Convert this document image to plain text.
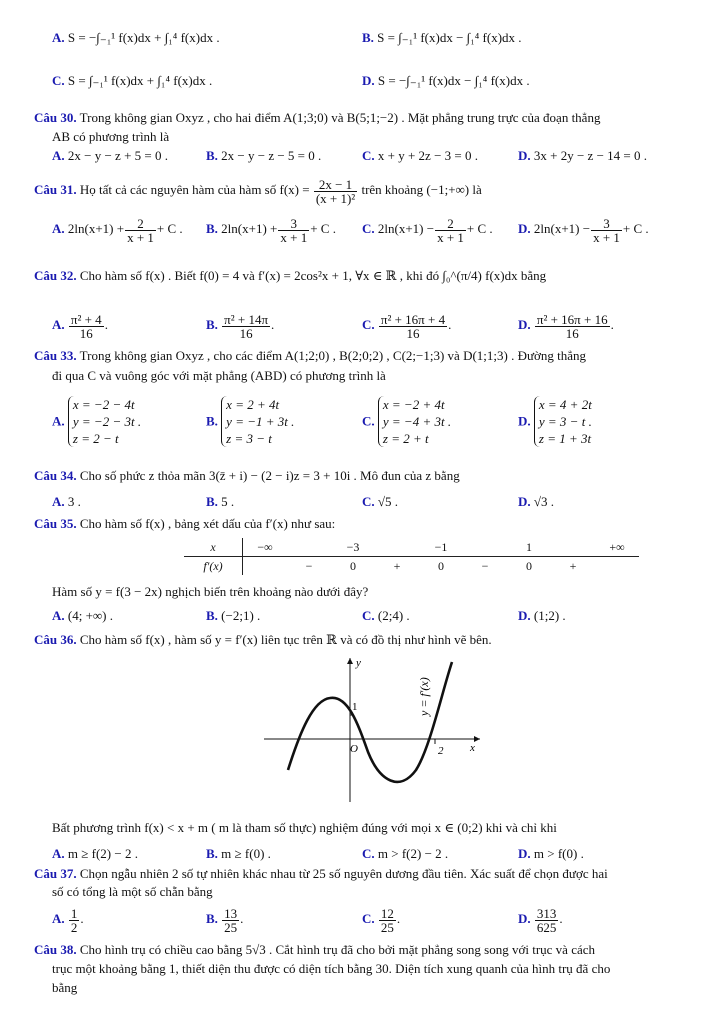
A. S = −∫₋₁¹ f(x)dx + ∫₁⁴ f(x)dx .	B. S = ∫₋₁¹ f(x)dx − ∫₁⁴ f(x)dx .
C. S = ∫₋₁¹ f(x)dx + ∫₁⁴ f(x)dx .	D. S = −∫₋₁¹ f(x)dx − ∫₁⁴ f(x)dx .
Câu 30. Trong không gian Oxyz , cho hai điểm A(1;3;0) và B(5;1;−2) . Mặt phẳng trung trực của đoạn thẳng
AB có phương trình là
A. 2x − y − z + 5 = 0 .	B. 2x − y − z − 5 = 0 .	C. x + y + 2z − 3 = 0 .	D. 3x + 2y − z − 14 = 0 .
Câu 31. Họ tất cả các nguyên hàm của hàm số $f(x) = \frac{2x - 1}{\text{(x + 1)²}}$ trên khoảng (−1;+∞) là
A. $2\ln(x+1) + \frac{2}{x + 1} + C$ . B. $2\ln(x+1) + \frac{3}{x + 1} + C$ . C. $2\ln(x+1) - \frac{2}{x + 1} + C$ . D. $2\ln(x+1) - \frac{3}{x + 1} + C$ .
Câu 32. Cho hàm số f(x) . Biết f(0) = 4 và f′(x) = 2cos²x + 1, ∀x ∈ ℝ , khi đó ∫₀^(π/4) f(x)dx bằng
A. $\frac{\text{π² + 4}}{16}$ .	B. $\frac{\text{π² + 14π}}{16}$ .	C. $\frac{\text{π² + 16π + 4}}{16}$ .	D. $\frac{\text{π² + 16π + 16}}{16}$ .
Câu 33. Trong không gian Oxyz , cho các điểm A(1;2;0) , B(2;0;2) , C(2;−1;3) và D(1;1;3) . Đường thẳng
đi qua C và vuông góc với mặt phẳng (ABD) có phương trình là
A. x = −2 − 4t
y = −2 − 3t .
z = 2 − t
B. x = 2 + 4t
y = −1 + 3t .
z = 3 − t
C. x = −2 + 4t
y = −4 + 3t .
z = 2 + t
D. x = 4 + 2t
y = 3 − t .
z = 1 + 3t
Câu 34. Cho số phức z thỏa mãn 3(z̄ + i) − (2 − i)z = 3 + 10i . Mô đun của z bằng
A. 3 .	B. 5 .	C. √5 .	D. √3 .
Câu 35. Cho hàm số f(x) , bảng xét dấu của f′(x) như sau:
x	−∞		−3		−1		1		+∞
f′(x)		−	0	+	0	−	0	+	
Hàm số y = f(3 − 2x) nghịch biến trên khoảng nào dưới đây?
A. (4; +∞) .	B. (−2;1) .	C. (2;4) .	D. (1;2) .
Câu 36. Cho hàm số f(x) , hàm số y = f′(x) liên tục trên ℝ và có đồ thị như hình vẽ bên.
y
x
O
1
2
y = f′(x)
Bất phương trình f(x) < x + m ( m là tham số thực) nghiệm đúng với mọi x ∈ (0;2) khi và chỉ khi
A. m ≥ f(2) − 2 .	B. m ≥ f(0) .	C. m > f(2) − 2 .	D. m > f(0) .
Câu 37. Chọn ngẫu nhiên 2 số tự nhiên khác nhau từ 25 số nguyên dương đầu tiên. Xác suất để chọn được hai
số có tổng là một số chẵn bằng
A. $\frac{1}{2}$ .	B. $\frac{13}{25}$ .	C. $\frac{12}{25}$ .	D. $\frac{313}{625}$ .
Câu 38. Cho hình trụ có chiều cao bằng 5√3 . Cắt hình trụ đã cho bởi mặt phẳng song song với trục và cách
trục một khoảng bằng 1, thiết diện thu được có diện tích bằng 30. Diện tích xung quanh của hình trụ đã cho
bằng
